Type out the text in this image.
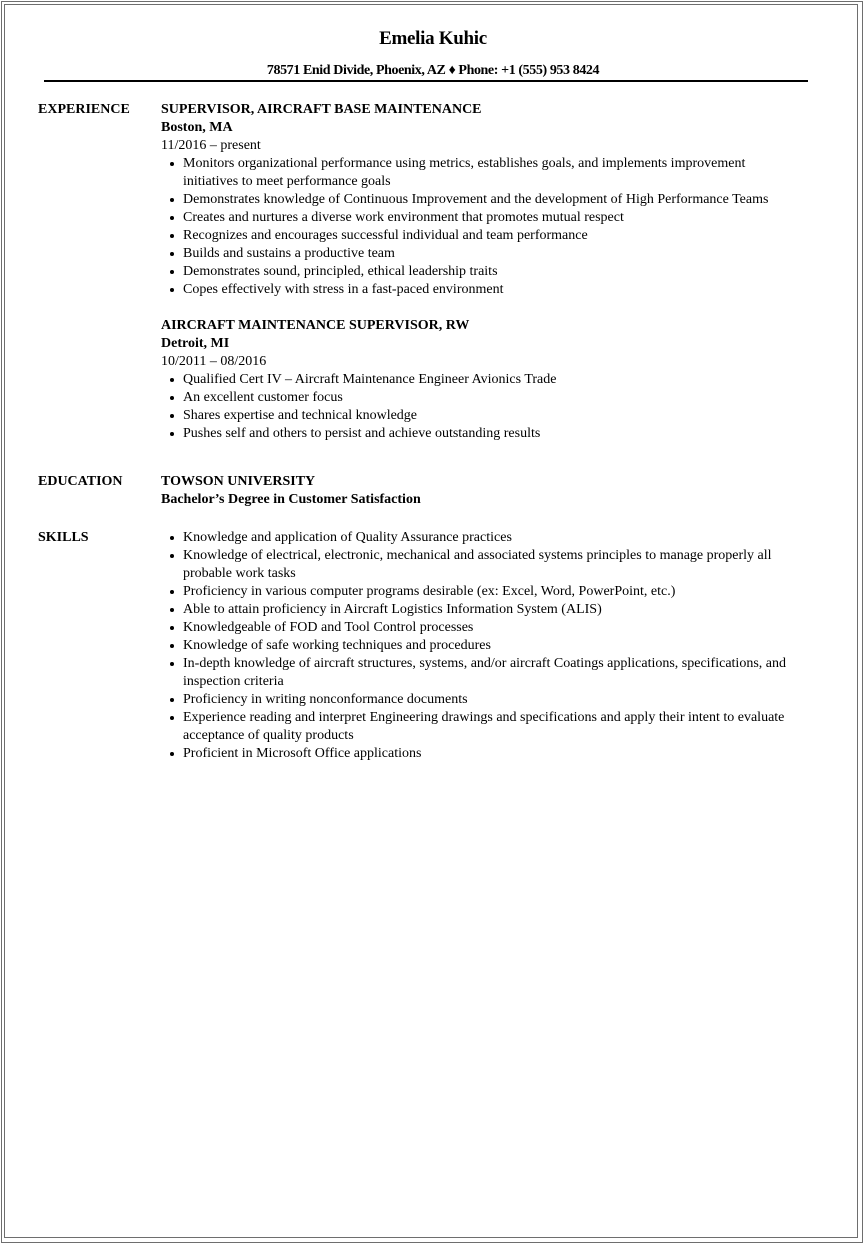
Emelia Kuhic
78571 Enid Divide, Phoenix, AZ ♦ Phone: +1 (555) 953 8424
EXPERIENCE SUPERVISOR, AIRCRAFT BASE MAINTENANCE
Boston, MA
11/2016 – present
Monitors organizational performance using metrics, establishes goals, and implements improvement initiatives to meet performance goals
Demonstrates knowledge of Continuous Improvement and the development of High Performance Teams
Creates and nurtures a diverse work environment that promotes mutual respect
Recognizes and encourages successful individual and team performance
Builds and sustains a productive team
Demonstrates sound, principled, ethical leadership traits
Copes effectively with stress in a fast-paced environment
AIRCRAFT MAINTENANCE SUPERVISOR, RW
Detroit, MI
10/2011 – 08/2016
Qualified Cert IV – Aircraft Maintenance Engineer Avionics Trade
An excellent customer focus
Shares expertise and technical knowledge
Pushes self and others to persist and achieve outstanding results
EDUCATION	TOWSON UNIVERSITY
Bachelor’s Degree in Customer Satisfaction
SKILLS	Knowledge and application of Quality Assurance practices
Knowledge of electrical, electronic, mechanical and associated systems principles to manage properly all probable work tasks
Proficiency in various computer programs desirable (ex: Excel, Word, PowerPoint, etc.)
Able to attain proficiency in Aircraft Logistics Information System (ALIS)
Knowledgeable of FOD and Tool Control processes
Knowledge of safe working techniques and procedures
In-depth knowledge of aircraft structures, systems, and/or aircraft Coatings applications, specifications, and inspection criteria
Proficiency in writing nonconformance documents
Experience reading and interpret Engineering drawings and specifications and apply their intent to evaluate acceptance of quality products
Proficient in Microsoft Office applications
